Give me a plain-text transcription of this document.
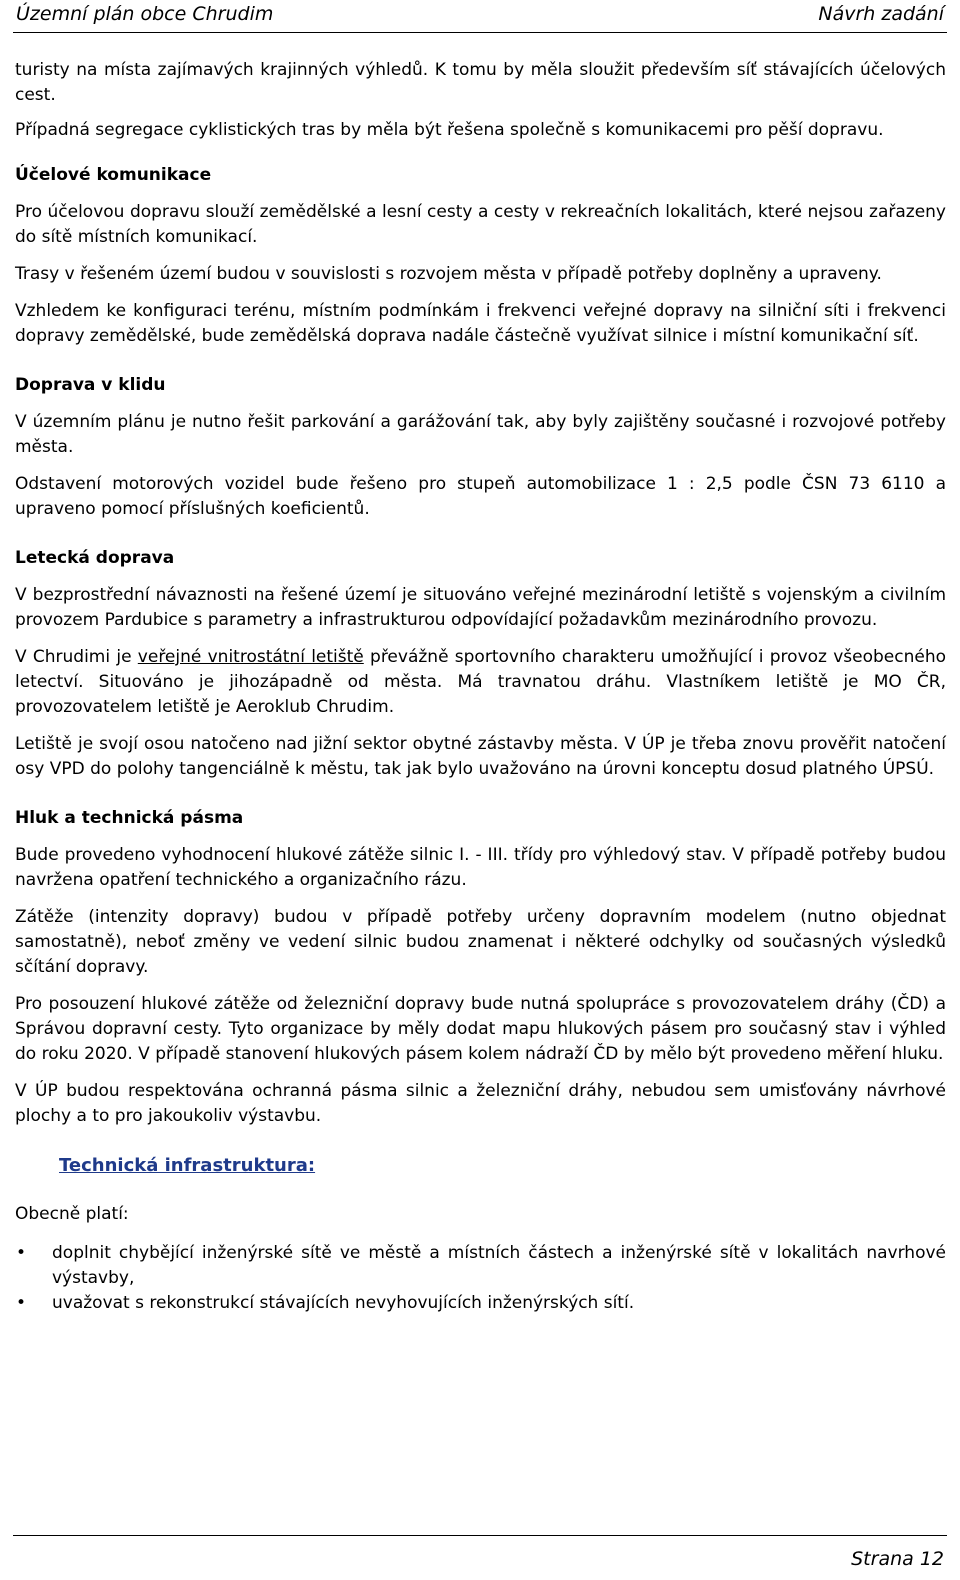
Územní plán obce Chrudim	Návrh zadání

turisty na místa zajímavých krajinných výhledů. K tomu by měla sloužit především síť stávajících účelových cest.

Případná segregace cyklistických tras by měla být řešena společně s komunikacemi pro pěší dopravu.

Účelové komunikace

Pro účelovou dopravu slouží zemědělské a lesní cesty a cesty v rekreačních lokalitách, které nejsou zařazeny do sítě místních komunikací.

Trasy v řešeném území budou v souvislosti s rozvojem města v případě potřeby doplněny a upraveny.

Vzhledem ke konfiguraci terénu, místním podmínkám i frekvenci veřejné dopravy na silniční síti i frekvenci dopravy zemědělské, bude zemědělská doprava nadále částečně využívat silnice i místní komunikační síť.

Doprava v klidu

V územním plánu je nutno řešit parkování a garážování tak, aby byly zajištěny současné i rozvojové potřeby města.

Odstavení motorových vozidel bude řešeno pro stupeň automobilizace 1 : 2,5 podle ČSN 73 6110 a upraveno pomocí příslušných koeficientů.

Letecká doprava

V bezprostřední návaznosti na řešené území je situováno veřejné mezinárodní letiště s vojenským a civilním provozem Pardubice s parametry a infrastrukturou odpovídající požadavkům mezinárodního provozu.

V Chrudimi je veřejné vnitrostátní letiště převážně sportovního charakteru umožňující i provoz všeobecného letectví. Situováno je jihozápadně od města. Má travnatou dráhu. Vlastníkem letiště je MO ČR, provozovatelem letiště je Aeroklub Chrudim.

Letiště je svojí osou natočeno nad jižní sektor obytné zástavby města. V ÚP je třeba znovu prověřit natočení osy VPD do polohy tangenciálně k městu, tak jak bylo uvažováno na úrovni konceptu dosud platného ÚPSÚ.

Hluk a technická pásma

Bude provedeno vyhodnocení hlukové zátěže silnic I. - III. třídy pro výhledový stav. V případě potřeby budou navržena opatření technického a organizačního rázu.

Zátěže (intenzity dopravy) budou v případě potřeby určeny dopravním modelem (nutno objednat samostatně), neboť změny ve vedení silnic budou znamenat i některé odchylky od současných výsledků sčítání dopravy.

Pro posouzení hlukové zátěže od železniční dopravy bude nutná spolupráce s provozovatelem dráhy (ČD) a Správou dopravní cesty. Tyto organizace by měly dodat mapu hlukových pásem pro současný stav i výhled do roku 2020. V případě stanovení hlukových pásem kolem nádraží ČD by mělo být provedeno měření hluku.

V ÚP budou respektována ochranná pásma silnic a železniční dráhy, nebudou sem umisťovány návrhové plochy a to pro jakoukoliv výstavbu.

Technická infrastruktura:

Obecně platí:

• doplnit chybějící inženýrské sítě ve městě a místních částech a inženýrské sítě v lokalitách navrhové výstavby,
• uvažovat s rekonstrukcí stávajících nevyhovujících inženýrských sítí.
Strana 12
